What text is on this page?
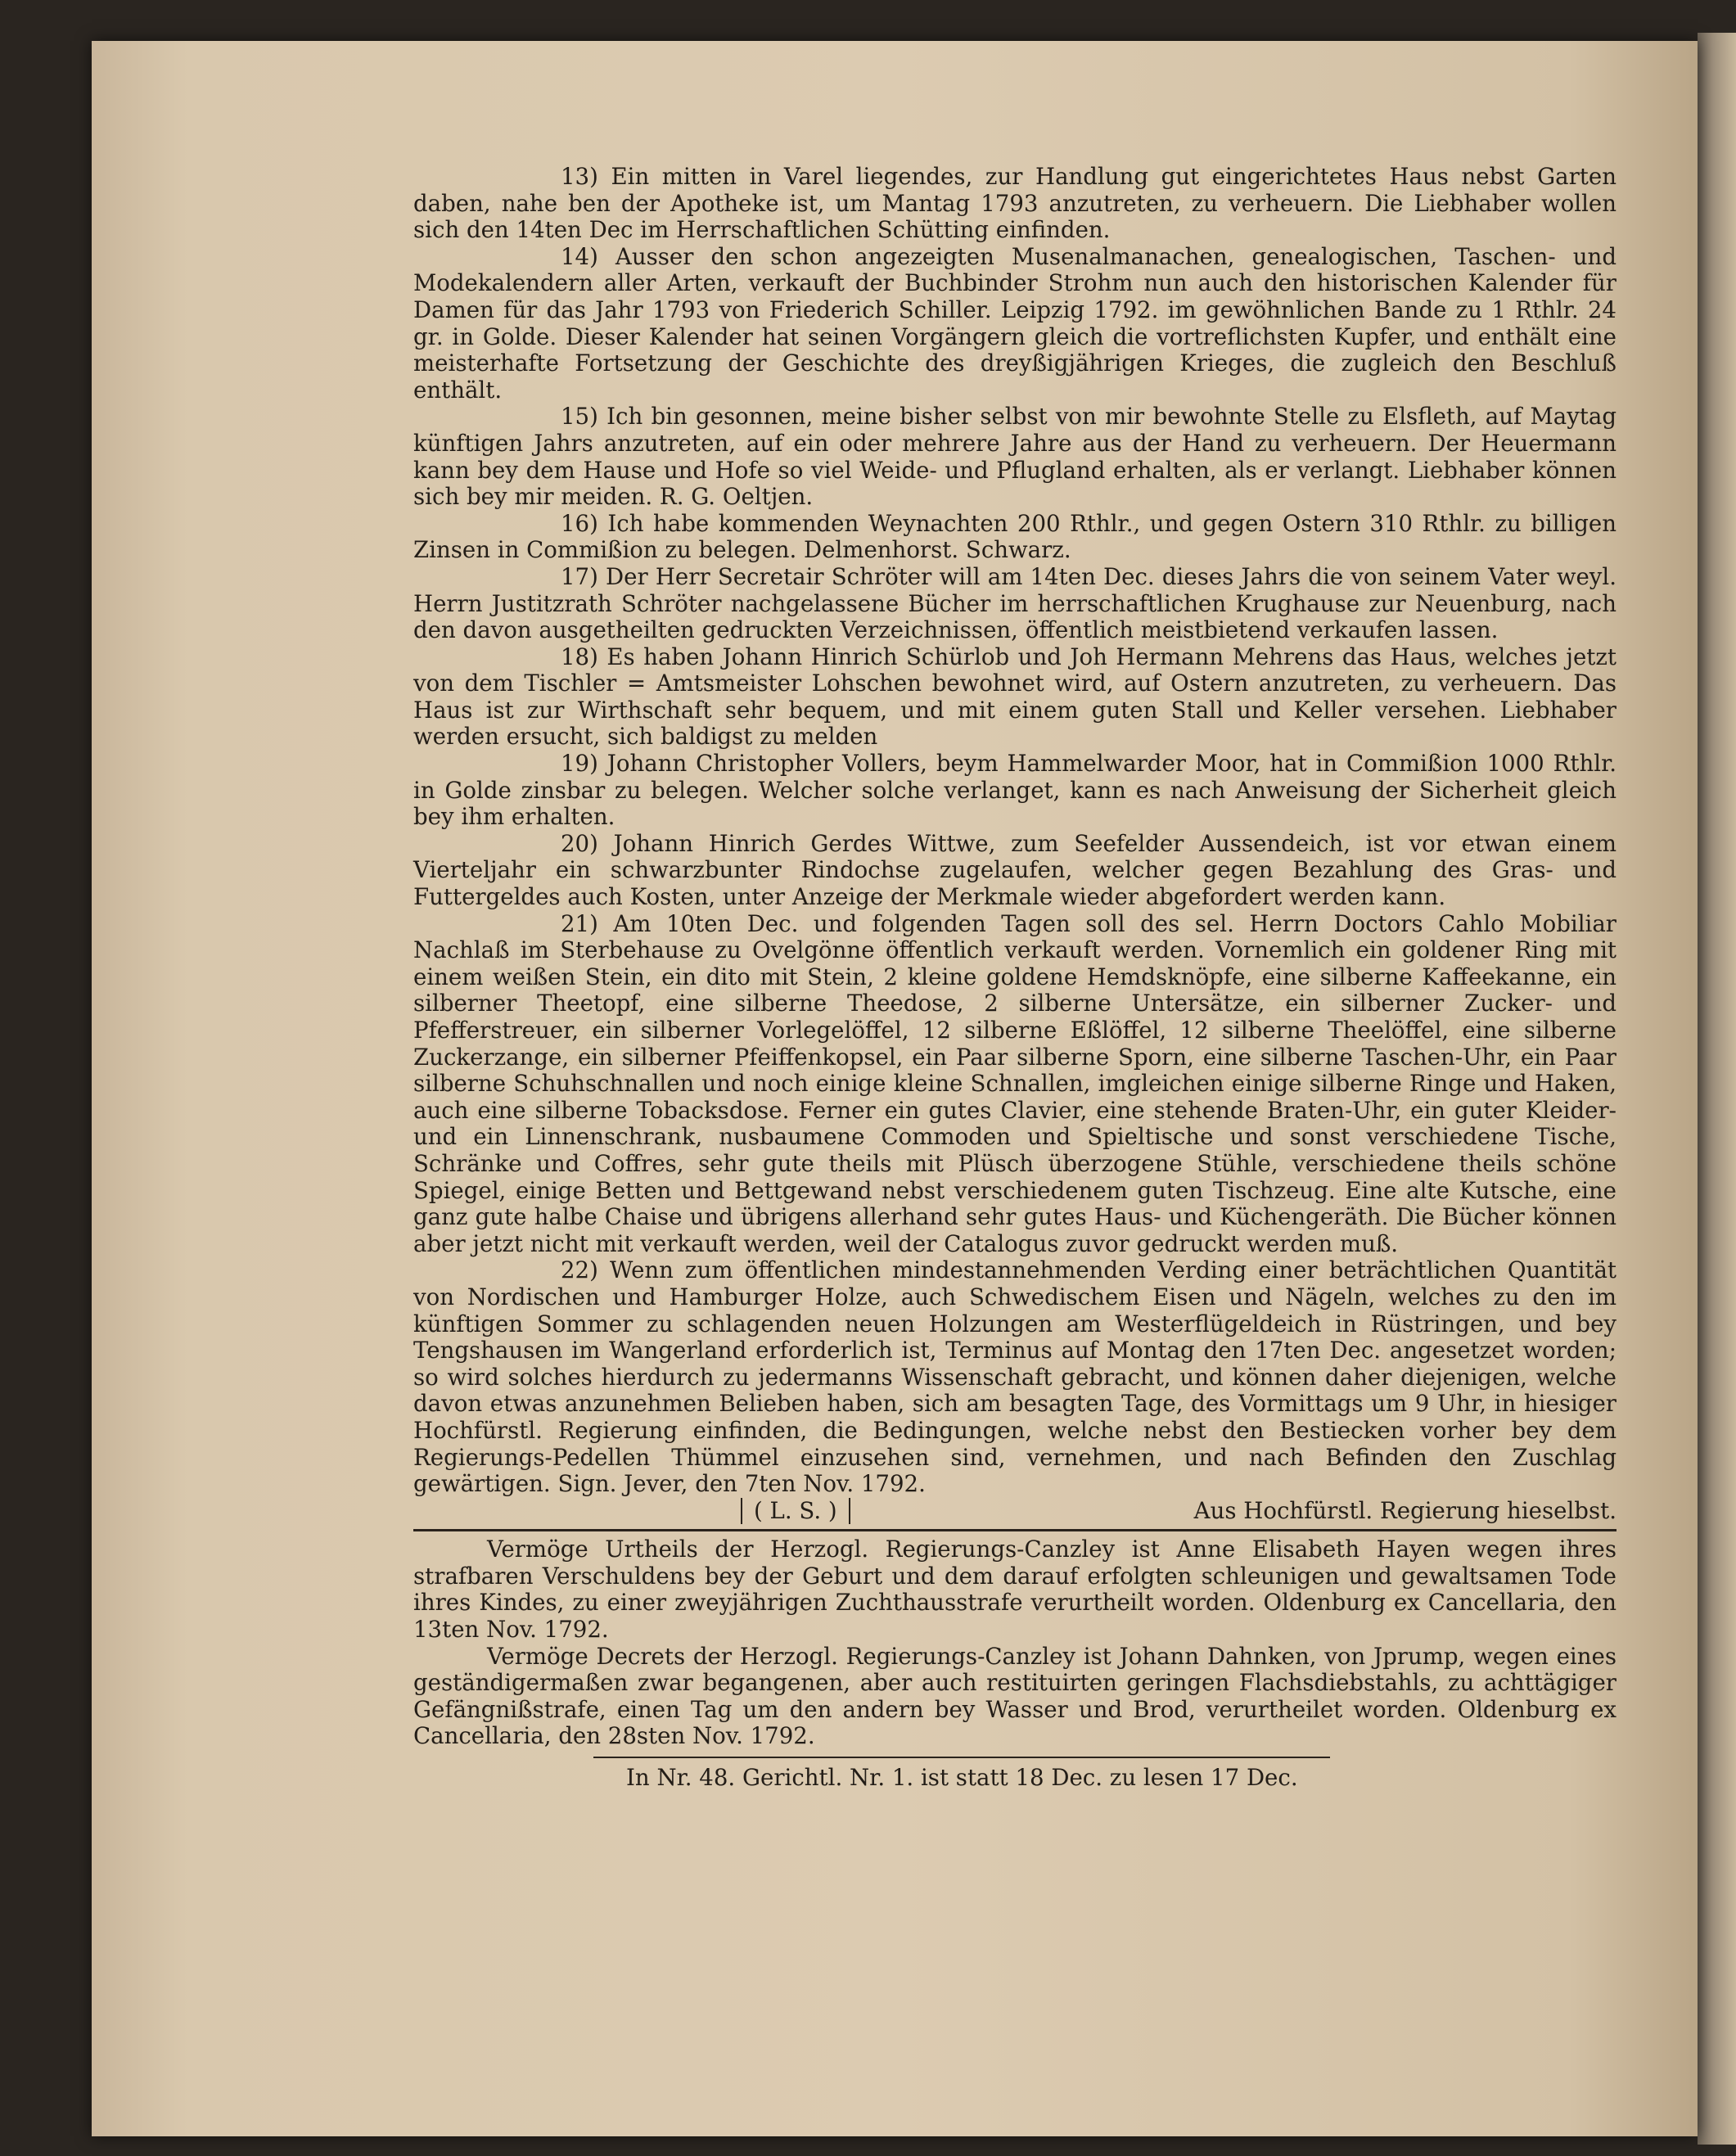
13) Ein mitten in Varel liegendes, zur Handlung gut eingerichtetes Haus nebst Garten daben, nahe ben der Apotheke ist, um Mantag 1793 anzutreten, zu verheuern. Die Liebhaber wollen sich den 14ten Dec im Herrschaftlichen Schütting einfinden.

14) Ausser den schon angezeigten Musenalmanachen, genealogischen, Taschen- und Modekalendern aller Arten, verkauft der Buchbinder Strohm nun auch den historischen Kalender für Damen für das Jahr 1793 von Friederich Schiller. Leipzig 1792. im gewöhnlichen Bande zu 1 Rthlr. 24 gr. in Golde. Dieser Kalender hat seinen Vorgängern gleich die vortreflichsten Kupfer, und enthält eine meisterhafte Fortsetzung der Geschichte des dreyßigjährigen Krieges, die zugleich den Beschluß enthält.

15) Ich bin gesonnen, meine bisher selbst von mir bewohnte Stelle zu Elsfleth, auf Maytag künftigen Jahrs anzutreten, auf ein oder mehrere Jahre aus der Hand zu verheuern. Der Heuermann kann bey dem Hause und Hofe so viel Weide- und Pflugland erhalten, als er verlangt. Liebhaber können sich bey mir meiden. R. G. Oeltjen.

16) Ich habe kommenden Weynachten 200 Rthlr., und gegen Ostern 310 Rthlr. zu billigen Zinsen in Commißion zu belegen. Delmenhorst. Schwarz.

17) Der Herr Secretair Schröter will am 14ten Dec. dieses Jahrs die von seinem Vater weyl. Herrn Justitzrath Schröter nachgelassene Bücher im herrschaftlichen Krughause zur Neuenburg, nach den davon ausgetheilten gedruckten Verzeichnissen, öffentlich meistbietend verkaufen lassen.

18) Es haben Johann Hinrich Schürlob und Joh Hermann Mehrens das Haus, welches jetzt von dem Tischler = Amtsmeister Lohschen bewohnet wird, auf Ostern anzutreten, zu verheuern. Das Haus ist zur Wirthschaft sehr bequem, und mit einem guten Stall und Keller versehen. Liebhaber werden ersucht, sich baldigst zu melden

19) Johann Christopher Vollers, beym Hammelwarder Moor, hat in Commißion 1000 Rthlr. in Golde zinsbar zu belegen. Welcher solche verlanget, kann es nach Anweisung der Sicherheit gleich bey ihm erhalten.

20) Johann Hinrich Gerdes Wittwe, zum Seefelder Aussendeich, ist vor etwan einem Vierteljahr ein schwarzbunter Rindochse zugelaufen, welcher gegen Bezahlung des Gras- und Futtergeldes auch Kosten, unter Anzeige der Merkmale wieder abgefordert werden kann.

21) Am 10ten Dec. und folgenden Tagen soll des sel. Herrn Doctors Cahlo Mobiliar Nachlaß im Sterbehause zu Ovelgönne öffentlich verkauft werden. Vornemlich ein goldener Ring mit einem weißen Stein, ein dito mit Stein, 2 kleine goldene Hemdsknöpfe, eine silberne Kaffeekanne, ein silberner Theetopf, eine silberne Theedose, 2 silberne Untersätze, ein silberner Zucker- und Pfefferstreuer, ein silberner Vorlegelöffel, 12 silberne Eßlöffel, 12 silberne Theelöffel, eine silberne Zuckerzange, ein silberner Pfeiffenkopsel, ein Paar silberne Sporn, eine silberne Taschen-Uhr, ein Paar silberne Schuhschnallen und noch einige kleine Schnallen, imgleichen einige silberne Ringe und Haken, auch eine silberne Tobacksdose. Ferner ein gutes Clavier, eine stehende Braten-Uhr, ein guter Kleider- und ein Linnenschrank, nusbaumene Commoden und Spieltische und sonst verschiedene Tische, Schränke und Coffres, sehr gute theils mit Plüsch überzogene Stühle, verschiedene theils schöne Spiegel, einige Betten und Bettgewand nebst verschiedenem guten Tischzeug. Eine alte Kutsche, eine ganz gute halbe Chaise und übrigens allerhand sehr gutes Haus- und Küchengeräth. Die Bücher können aber jetzt nicht mit verkauft werden, weil der Catalogus zuvor gedruckt werden muß.

22) Wenn zum öffentlichen mindestannehmenden Verding einer beträchtlichen Quantität von Nordischen und Hamburger Holze, auch Schwedischem Eisen und Nägeln, welches zu den im künftigen Sommer zu schlagenden neuen Holzungen am Westerflügeldeich in Rüstringen, und bey Tengshausen im Wangerland erforderlich ist, Terminus auf Montag den 17ten Dec. angesetzet worden; so wird solches hierdurch zu jedermanns Wissenschaft gebracht, und können daher diejenigen, welche davon etwas anzunehmen Belieben haben, sich am besagten Tage, des Vormittags um 9 Uhr, in hiesiger Hochfürstl. Regierung einfinden, die Bedingungen, welche nebst den Bestiecken vorher bey dem Regierungs-Pedellen Thümmel einzusehen sind, vernehmen, und nach Befinden den Zuschlag gewärtigen. Sign. Jever, den 7ten Nov. 1792.

( L. S. )	Aus Hochfürstl. Regierung hieselbst.

Vermöge Urtheils der Herzogl. Regierungs-Canzley ist Anne Elisabeth Hayen wegen ihres strafbaren Verschuldens bey der Geburt und dem darauf erfolgten schleunigen und gewaltsamen Tode ihres Kindes, zu einer zweyjährigen Zuchthausstrafe verurtheilt worden. Oldenburg ex Cancellaria, den 13ten Nov. 1792.

Vermöge Decrets der Herzogl. Regierungs-Canzley ist Johann Dahnken, von Jprump, wegen eines geständigermaßen zwar begangenen, aber auch restituirten geringen Flachsdiebstahls, zu achttägiger Gefängnißstrafe, einen Tag um den andern bey Wasser und Brod, verurtheilet worden. Oldenburg ex Cancellaria, den 28sten Nov. 1792.

In Nr. 48. Gerichtl. Nr. 1. ist statt 18 Dec. zu lesen 17 Dec.
